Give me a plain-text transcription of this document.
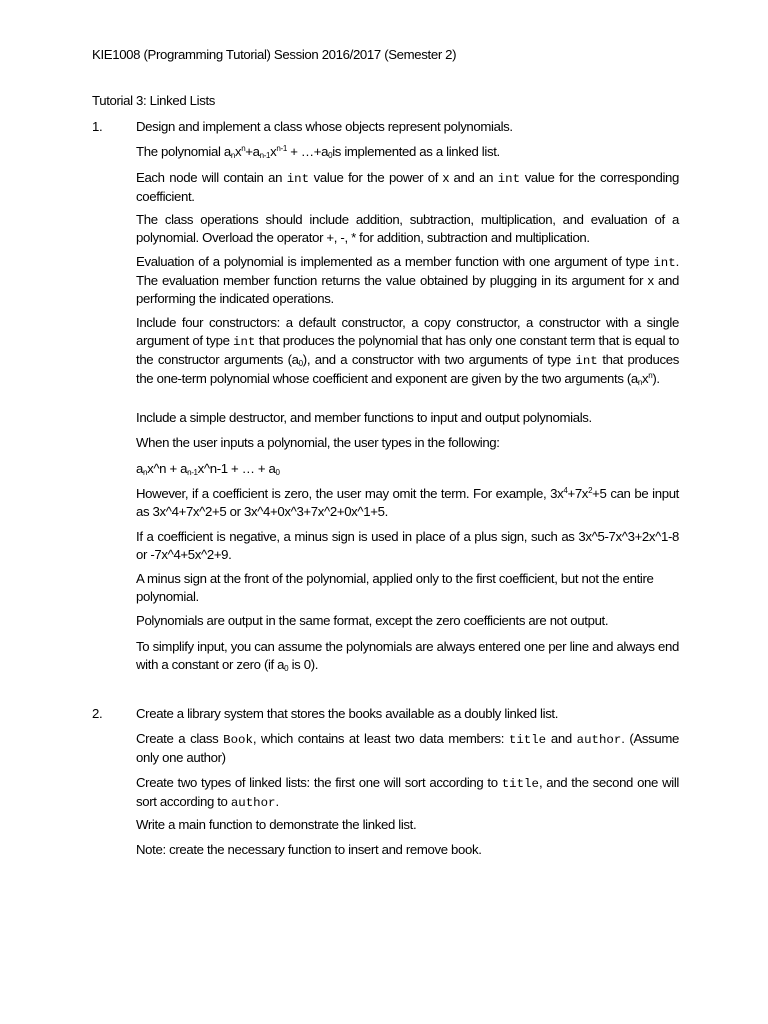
KIE1008 (Programming Tutorial) Session 2016/2017 (Semester 2)
Tutorial 3: Linked Lists
1.	Design and implement a class whose objects represent polynomials.

The polynomial $a_nx^n+a_{n-1}x^{n-1}$ + $\dots+a_0is$ implemented as a linked list.

Each node will contain an int value for the power of x and an int value for the corresponding coefficient.

The class operations should include addition, subtraction, multiplication, and evaluation of a polynomial. Overload the operator +, -, * for addition, subtraction and multiplication.

Evaluation of a polynomial is implemented as a member function with one argument of type int. The evaluation member function returns the value obtained by plugging in its argument for x and performing the indicated operations.

Include four constructors: a default constructor, a copy constructor, a constructor with a single argument of type int that produces the polynomial that has only one constant term that is equal to the constructor arguments $(a_0)$, and a constructor with two arguments of type int that produces the one-term polynomial whose coefficient and exponent are given by the two arguments $(a_nx^n)$.

Include a simple destructor, and member functions to input and output polynomials.

When the user inputs a polynomial, the user types in the following:

$a_nx\^{}n$ + $a_{n-1}x\^{}n-1$ + … + $a_0$

However, if a coefficient is zero, the user may omit the term. For example, $3x^4+7x^2+5$ can be input as 3x^4+7x^2+5 or 3x^4+0x^3+7x^2+0x^1+5.

If a coefficient is negative, a minus sign is used in place of a plus sign, such as 3x^5-7x^3+2x^1-8 or -7x^4+5x^2+9.

A minus sign at the front of the polynomial, applied only to the first coefficient, but not the entire polynomial.

Polynomials are output in the same format, except the zero coefficients are not output.

To simplify input, you can assume the polynomials are always entered one per line and always end with a constant or zero (if $a_0$ is 0).

2.	Create a library system that stores the books available as a doubly linked list.

Create a class Book, which contains at least two data members: title and author. (Assume only one author)

Create two types of linked lists: the first one will sort according to title, and the second one will sort according to author.

Write a main function to demonstrate the linked list.

Note: create the necessary function to insert and remove book.
